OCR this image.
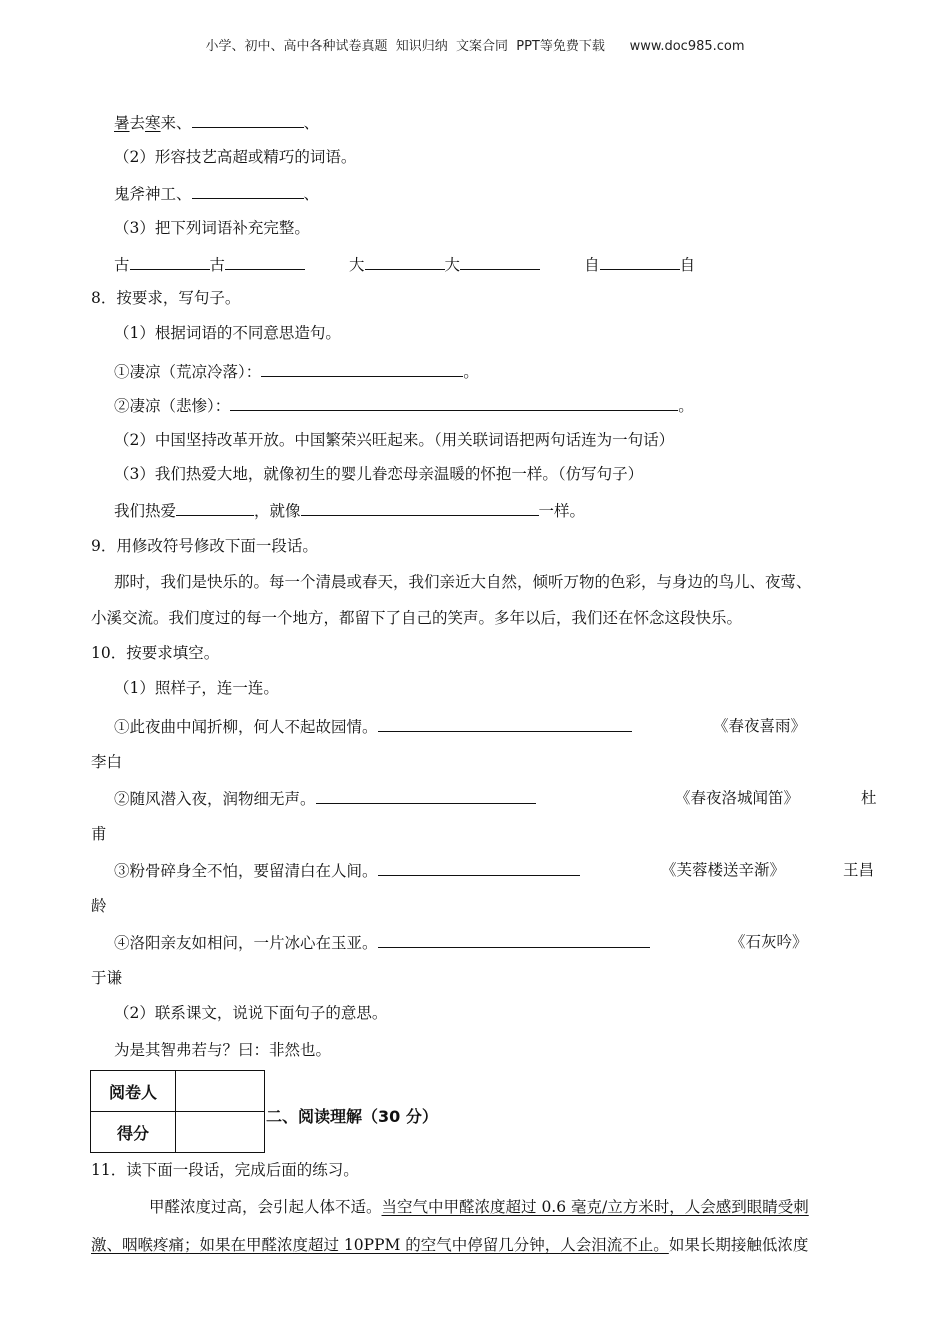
小学、初中、高中各种试卷真题  知识归纳  文案合同  PPT等免费下载      www.doc985.com
暑去寒来、	、
（2）形容技艺高超或精巧的词语。
鬼斧神工、	、
（3）把下列词语补充完整。
古	古	大	大	自	自
8．按要求，写句子。
（1）根据词语的不同意思造句。
①凄凉（荒凉冷落）：	。
②凄凉（悲惨）：	。
（2）中国坚持改革开放。中国繁荣兴旺起来。（用关联词语把两句话连为一句话）
（3）我们热爱大地，就像初生的婴儿眷恋母亲温暖的怀抱一样。（仿写句子）
我们热爱	，就像	一样。
9．用修改符号修改下面一段话。
那时，我们是快乐的。每一个清晨或春天，我们亲近大自然，倾听万物的色彩，与身边的鸟儿、夜莺、
小溪交流。我们度过的每一个地方，都留下了自己的笑声。多年以后，我们还在怀念这段快乐。
10．按要求填空。
（1）照样子，连一连。
①此夜曲中闻折柳，何人不起故园情。	《春夜喜雨》
李白
②随风潜入夜，润物细无声。	《春夜洛城闻笛》	杜
甫
③粉骨碎身全不怕，要留清白在人间。	《芙蓉楼送辛渐》	王昌
龄
④洛阳亲友如相问，一片冰心在玉亚。	《石灰吟》
于谦
（2）联系课文，说说下面句子的意思。
为是其智弗若与？曰：非然也。
阅卷人	
得分	
二、阅读理解（30 分）
11．读下面一段话，完成后面的练习。
甲醛浓度过高，会引起人体不适。当空气中甲醛浓度超过 0.6 毫克/立方米时，人会感到眼睛受刺
激、咽喉疼痛；如果在甲醛浓度超过 10PPM 的空气中停留几分钟，人会泪流不止。如果长期接触低浓度
